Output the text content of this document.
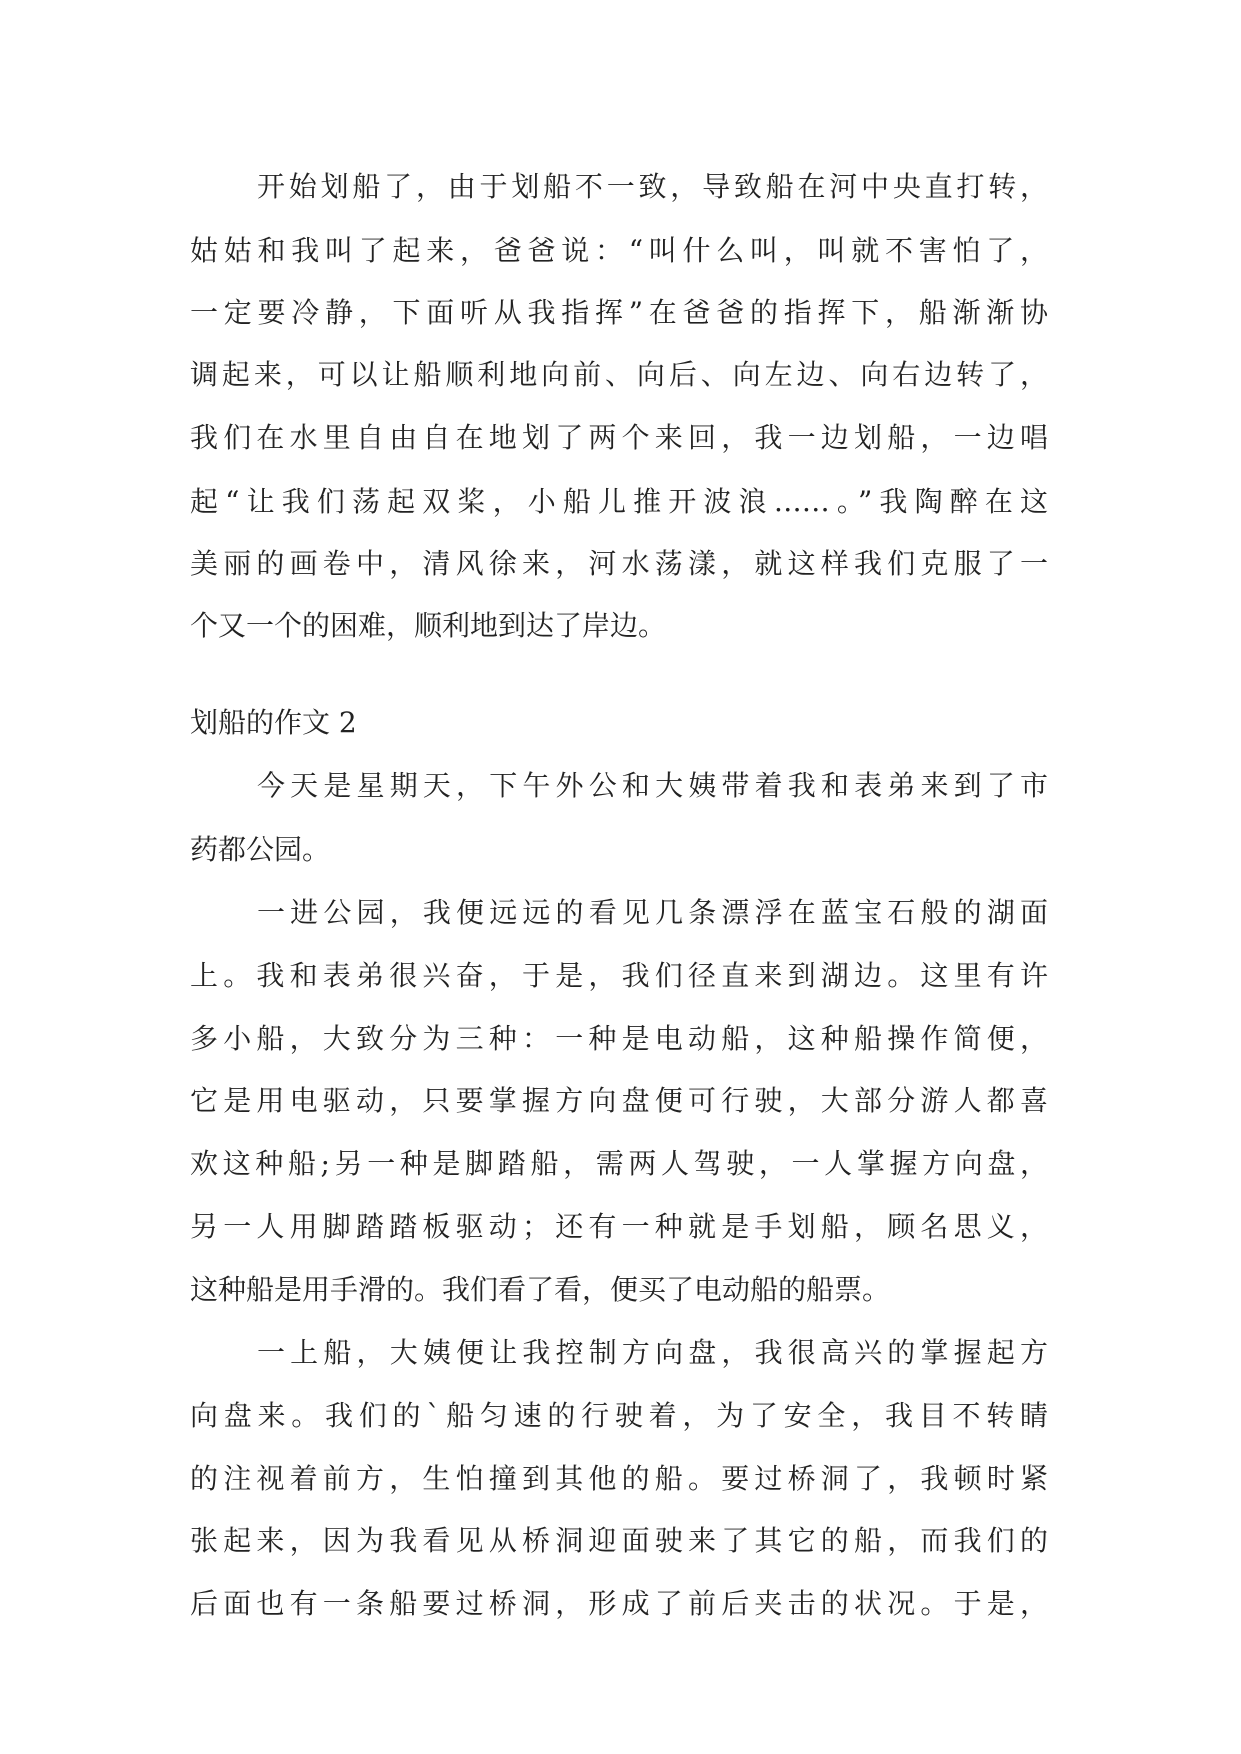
开始划船了，由于划船不一致，导致船在河中央直打转，
姑姑和我叫了起来，爸爸说：“叫什么叫，叫就不害怕了，
一定要冷静，下面听从我指挥”在爸爸的指挥下，船渐渐协
调起来，可以让船顺利地向前、向后、向左边、向右边转了，
我们在水里自由自在地划了两个来回，我一边划船，一边唱
起“让我们荡起双桨，小船儿推开波浪……。”我陶醉在这
美丽的画卷中，清风徐来，河水荡漾，就这样我们克服了一
个又一个的困难，顺利地到达了岸边。
划船的作文 2
今天是星期天，下午外公和大姨带着我和表弟来到了市
药都公园。
一进公园，我便远远的看见几条漂浮在蓝宝石般的湖面
上。我和表弟很兴奋，于是，我们径直来到湖边。这里有许
多小船，大致分为三种：一种是电动船，这种船操作简便，
它是用电驱动，只要掌握方向盘便可行驶，大部分游人都喜
欢这种船;另一种是脚踏船，需两人驾驶，一人掌握方向盘，
另一人用脚踏踏板驱动；还有一种就是手划船，顾名思义，
这种船是用手滑的。我们看了看，便买了电动船的船票。
一上船，大姨便让我控制方向盘，我很高兴的掌握起方
向盘来。我们的`船匀速的行驶着，为了安全，我目不转睛
的注视着前方，生怕撞到其他的船。要过桥洞了，我顿时紧
张起来，因为我看见从桥洞迎面驶来了其它的船，而我们的
后面也有一条船要过桥洞，形成了前后夹击的状况。于是，
